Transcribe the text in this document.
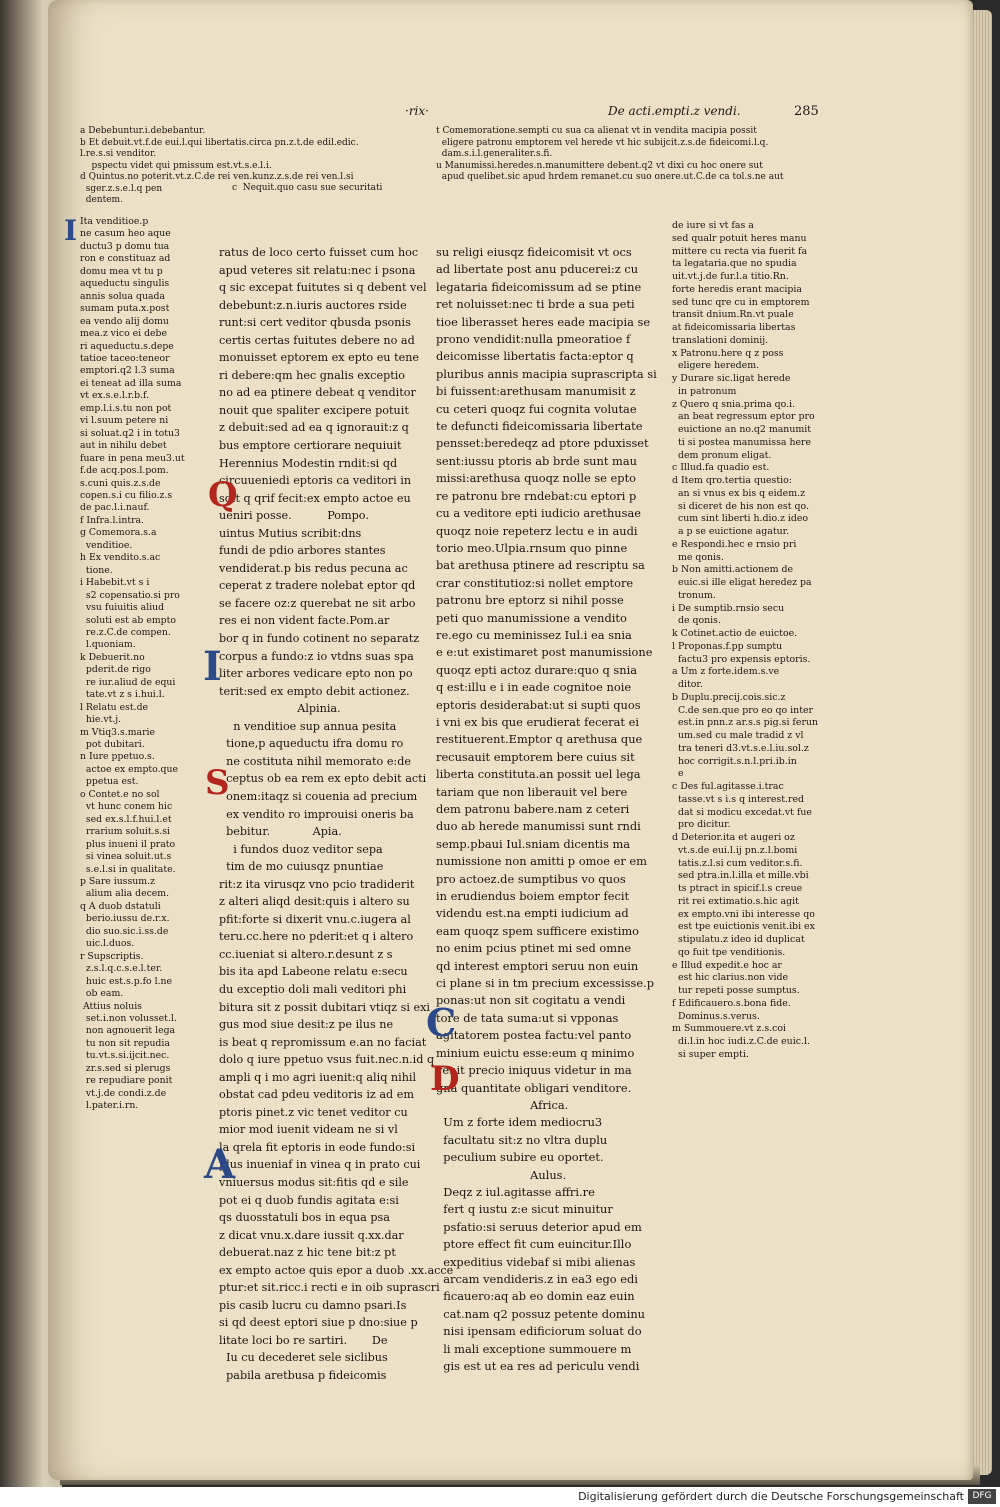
·rix·	De acti.empti.z vendi.	285
a Debebuntur.i.debebantur.
b Et debuit.vt.f.de eui.l.qui libertatis.circa pn.z.t.de edil.edic.
l.re.s.si venditor.
pspectu videt qui pmissum est.vt.s.e.l.i.
d Quintus.no poterit.vt.z.C.de rei ven.kunz.z.s.de rei ven.l.si
sger.z.s.e.l.q pen
dentem.
c  Nequit.quo casu sue securitati
t Comemoratione.sempti cu sua ca alienat vt in vendita macipia possit
eligere patronu emptorem vel herede vt hic subijcit.z.s.de fideicomi.l.q.
dam.s.i.l.generaliter.s.fi.
u Manumissi.heredes.n.manumittere debent.q2 vt dixi cu hoc onere sut
apud quelibet.sic apud hrdem remanet.cu suo onere.ut.C.de ca tol.s.ne aut
Ita venditioe.p
ne casum heo aque
ductu3 p domu tua
ron e constituaz ad
domu mea vt tu p
aqueductu singulis
annis solua quada
sumam puta.x.post
ea vendo alij domu
mea.z vico ei debe
ri aqueductu.s.depe
tatioe taceo:teneor
emptori.q2 l.3 suma
ei teneat ad illa suma
vt ex.s.e.l.r.b.f.
emp.l.i.s.tu non pot
vi l.suum petere ni
si soluat.q2 i in totu3
aut in nihilu debet
fuare in pena meu3.ut
f.de acq.pos.l.pom.
s.cuni quis.z.s.de
copen.s.i cu filio.z.s
de pac.l.i.nauf.
f Infra.l.intra.
g Comemora.s.a
venditioe.
h Ex vendito.s.ac
tione.
i Habebit.vt s i
s2 copensatio.si pro
vsu fuiuitis aliud
soluti est ab empto
re.z.C.de compen.
l.quoniam.
k Debuerit.no
pderit.de rigo
re iur.aliud de equi
tate.vt z s i.hui.l.
l Relatu est.de
hie.vt.j.
m Vtiq3.s.marie
pot dubitari.
n Iure ppetuo.s.
actoe ex empto.que
ppetua est.
o Contet.e no sol
vt hunc conem hic
sed ex.s.l.f.hui.l.et
rrarium soluit.s.si
plus inueni il prato
si vinea soluit.ut.s
s.e.l.si in qualitate.
p Sare iussum.z
alium alia decem.
q A duob dstatuli
berio.iussu de.r.x.
dio suo.sic.i.ss.de
uic.l.duos.
r Supscriptis.
z.s.l.q.c.s.e.l.ter.
huic est.s.p.fo l.ne
ob eam.
Attius noluis
set.i.non volusset.l.
non agnouerit lega
tu non sit repudia
tu.vt.s.si.ijcit.nec.
zr.s.sed si plerugs
re repudiare ponit
vt.j.de condi.z.de
l.pater.i.rn.
ratus de loco certo fuisset cum hoc
apud veteres sit relatu:nec i psona
q sic excepat fuitutes si q debent vel
debebunt:z.n.iuris auctores rside
runt:si cert veditor qbusda psonis
certis certas fuitutes debere no ad
monuisset eptorem ex epto eu tene
ri debere:qm hec gnalis exceptio
no ad ea ptinere debeat q venditor
nouit que spaliter excipere potuit
z debuit:sed ad ea q ignorauit:z q
bus emptore certiorare nequiuit
Herennius Modestin rndit:si qd
circuueniedi eptoris ca veditori in
sdit q qrif fecit:ex empto actoe eu
ueniri posse.          Pompo.
uintus Mutius scribit:dns
fundi de pdio arbores stantes
vendiderat.p bis redus pecuna ac
ceperat z tradere nolebat eptor qd
se facere oz:z querebat ne sit arbo
res ei non vident facte.Pom.ar
bor q in fundo cotinent no separatz
corpus a fundo:z io vtdns suas spa
liter arbores vedicare epto non po
terit:sed ex empto debit actionez.
Alpinia.
n venditioe sup annua pesita
tione,p aqueductu ifra domu ro
ne costituta nihil memorato e:de
ceptus ob ea rem ex epto debit acti
onem:itaqz si couenia ad precium
ex vendito ro improuisi oneris ba
bebitur.            Apia.
i fundos duoz veditor sepa
tim de mo cuiusqz pnuntiae
rit:z ita virusqz vno pcio tradiderit
z alteri aliqd desit:quis i altero su
pfit:forte si dixerit vnu.c.iugera al
teru.cc.here no pderit:et q i altero
cc.iueniat si altero.r.desunt z s
bis ita apd Labeone relatu e:secu
du exceptio doli mali veditori phi
bitura sit z possit dubitari vtiqz si exi
gus mod siue desit:z pe ilus ne
is beat q repromissum e.an no faciat
dolo q iure ppetuo vsus fuit.nec.n.id q
ampli q i mo agri iuenit:q aliq nihil
obstat cad pdeu veditoris iz ad em
ptoris pinet.z vic tenet veditor cu
mior mod iuenit videam ne si vl
la qrela fit eptoris in eode fundo:si
plus inueniaf in vinea q in prato cui
vniuersus modus sit:fitis qd e sile
pot ei q duob fundis agitata e:si
qs duosstatuli bos in equa psa
z dicat vnu.x.dare iussit q.xx.dar
debuerat.naz z hic tene bit:z pt
ex empto actoe quis epor a duob .xx.acce
ptur:et sit.ricc.i recti e in oib suprascri
pis casib lucru cu damno psari.Is
si qd deest eptori siue p dno:siue p
litate loci bo re sartiri.       De
Iu cu decederet sele siclibus
pabila aretbusa p fideicomis
su religi eiusqz fideicomisit vt ocs
ad libertate post anu pducerei:z cu
legataria fideicomissum ad se ptine
ret noluisset:nec ti brde a sua peti
tioe liberasset heres eade macipia se
prono vendidit:nulla pmeoratioe f
deicomisse libertatis facta:eptor q
pluribus annis macipia suprascripta si
bi fuissent:arethusam manumisit z
cu ceteri quoqz fui cognita volutae
te defuncti fideicomissaria libertate
pensset:beredeqz ad ptore pduxisset
sent:iussu ptoris ab brde sunt mau
missi:arethusa quoqz nolle se epto
re patronu bre rndebat:cu eptori p
cu a veditore epti iudicio arethusae
quoqz noie repeterz lectu e in audi
torio meo.Ulpia.rnsum quo pinne
bat arethusa ptinere ad rescriptu sa
crar constitutioz:si nollet emptore
patronu bre eptorz si nihil posse
peti quo manumissione a vendito
re.ego cu meminissez Iul.i ea snia
e e:ut existimaret post manumissione
quoqz epti actoz durare:quo q snia
q est:illu e i in eade cognitoe noie
eptoris desiderabat:ut si supti quos
i vni ex bis que erudierat fecerat ei
restituerent.Emptor q arethusa que
recusauit emptorem bere cuius sit
liberta constituta.an possit uel lega
tariam que non liberauit vel bere
dem patronu babere.nam z ceteri
duo ab herede manumissi sunt rndi
semp.pbaui Iul.sniam dicentis ma
numissione non amitti p omoe er em
pro actoez.de sumptibus vo quos
in erudiendus boiem emptor fecit
videndu est.na empti iudicium ad
eam quoqz spem sufficere existimo
no enim pcius ptinet mi sed omne
qd interest emptori seruu non euin
ci plane si in tm precium excessisse.p
ponas:ut non sit cogitatu a vendi
tore de tata suma:ut si vpponas
agitatorem postea factu:vel panto
minium euictu esse:eum q minimo
venit precio iniquus videtur in ma
gna quantitate obligari venditore.
Africa.
Um z forte idem mediocru3
facultatu sit:z no vltra duplu
peculium subire eu oportet.
Aulus.
Deqz z iul.agitasse affri.re
fert q iustu z:e sicut minuitur
psfatio:si seruus deterior apud em
ptore effect fit cum euincitur.Illo
expeditius videbaf si mibi alienas
arcam vendideris.z in ea3 ego edi
ficauero:aq ab eo domin eaz euin
cat.nam q2 possuz petente dominu
nisi ipensam edificiorum soluat do
li mali exceptione summouere m
gis est ut ea res ad periculu vendi
de iure si vt fas a
sed qualr potuit heres manu
mittere cu recta via fuerit fa
ta legataria.que no spudia
uit.vt.j.de fur.l.a titio.Rn.
forte heredis erant macipia
sed tunc qre cu in emptorem
transit dnium.Rn.vt puale
at fideicomissaria libertas
translationi dominij.
x Patronu.here q z poss
eligere heredem.
y Durare sic.ligat herede
in patronum
z Quero q snia.prima qo.i.
an beat regressum eptor pro
euictione an no.q2 manumit
ti si postea manumissa here
dem pronum eligat.
c Illud.fa quadio est.
d Item qro.tertia questio:
an si vnus ex bis q eidem.z
si diceret de his non est qo.
cum sint liberti h.dio.z ideo
a p se euictione agatur.
e Respondi.hec e rnsio pri
me qonis.
b Non amitti.actionem de
euic.si ille eligat heredez pa
tronum.
i De sumptib.rnsio secu
de qonis.
k Cotinet.actio de euictoe.
l Proponas.f.pp sumptu
factu3 pro expensis eptoris.
a Um z forte.idem.s.ve
ditor.
b Duplu.precij.cois.sic.z
C.de sen.que pro eo qo inter
est.in pnn.z ar.s.s pig.si ferun
um.sed cu male tradid z vl
tra teneri d3.vt.s.e.l.iu.sol.z
hoc corrigit.s.n.l.pri.ib.in
e
c Des ful.agitasse.i.trac
tasse.vt s i.s q interest.red
dat si modicu excedat.vt fue
pro dicitur.
d Deterior.ita et augeri oz
vt.s.de eui.l.ij pn.z.l.bomi
tatis.z.l.si cum veditor.s.fi.
sed ptra.in.l.illa et mille.vbi
ts ptract in spicif.l.s creue
rit rei extimatio.s.hic agit
ex empto.vni ibi interesse qo
est tpe euictionis venit.ibi ex
stipulatu.z ideo id duplicat
qo fuit tpe venditionis.
e Illud expedit.e hoc ar
est hic clarius.non vide
tur repeti posse sumptus.
f Edificauero.s.bona fide.
Dominus.s.verus.
m Summouere.vt z.s.coi
di.l.in hoc iudi.z.C.de euic.l.
si super empti.
I
Q
I
S
C
D
A
Digitalisierung gefördert durch die Deutsche Forschungsgemeinschaft DFG
